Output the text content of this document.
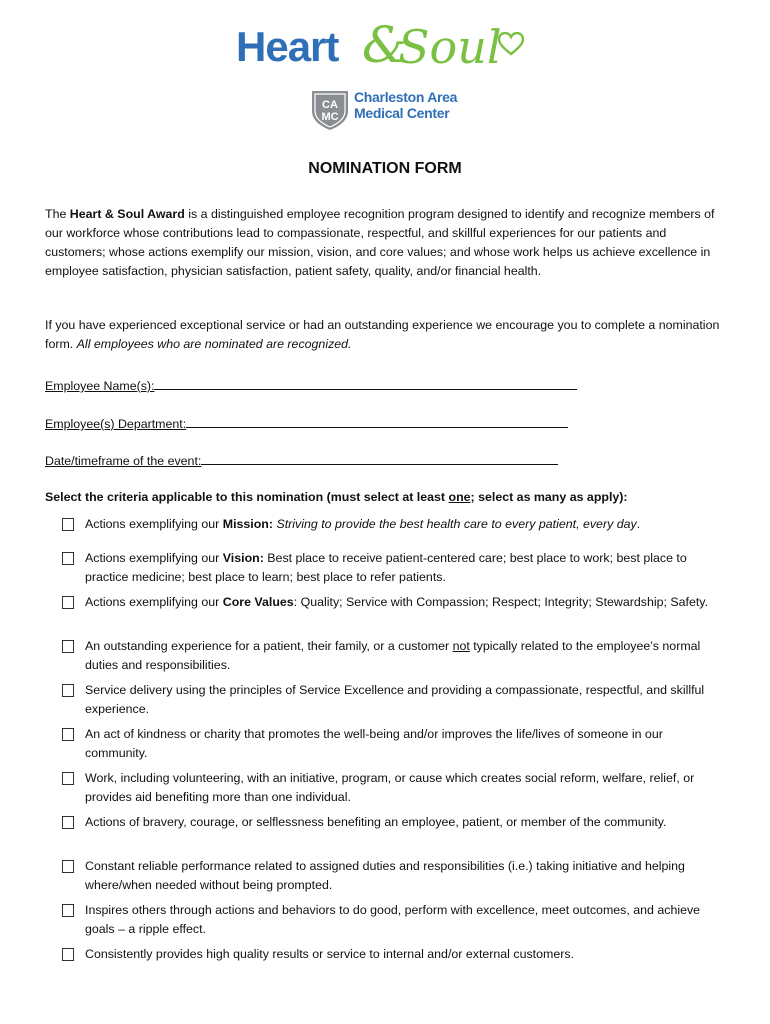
Heart &
Soul
CA
MC
Charleston Area
Medical Center
NOMINATION FORM
The Heart & Soul Award is a distinguished employee recognition program designed to identify and recognize members of our workforce whose contributions lead to compassionate, respectful, and skillful experiences for our patients and customers; whose actions exemplify our mission, vision, and core values; and whose work helps us achieve excellence in employee satisfaction, physician satisfaction, patient safety, quality, and/or financial health.
If you have experienced exceptional service or had an outstanding experience we encourage you to complete a nomination form. All employees who are nominated are recognized.
Employee Name(s):
Employee(s) Department:
Date/timeframe of the event:
Select the criteria applicable to this nomination (must select at least one; select as many as apply):
Actions exemplifying our Mission: Striving to provide the best health care to every patient, every day.
Actions exemplifying our Vision: Best place to receive patient-centered care; best place to work; best place to practice medicine; best place to learn; best place to refer patients.
Actions exemplifying our Core Values: Quality; Service with Compassion; Respect; Integrity; Stewardship; Safety.
An outstanding experience for a patient, their family, or a customer not typically related to the employee’s normal duties and responsibilities.
Service delivery using the principles of Service Excellence and providing a compassionate, respectful, and skillful experience.
An act of kindness or charity that promotes the well-being and/or improves the life/lives of someone in our community.
Work, including volunteering, with an initiative, program, or cause which creates social reform, welfare, relief, or provides aid benefiting more than one individual.
Actions of bravery, courage, or selflessness benefiting an employee, patient, or member of the community.
Constant reliable performance related to assigned duties and responsibilities (i.e.) taking initiative and helping where/when needed without being prompted.
Inspires others through actions and behaviors to do good, perform with excellence, meet outcomes, and achieve goals – a ripple effect.
Consistently provides high quality results or service to internal and/or external customers.
